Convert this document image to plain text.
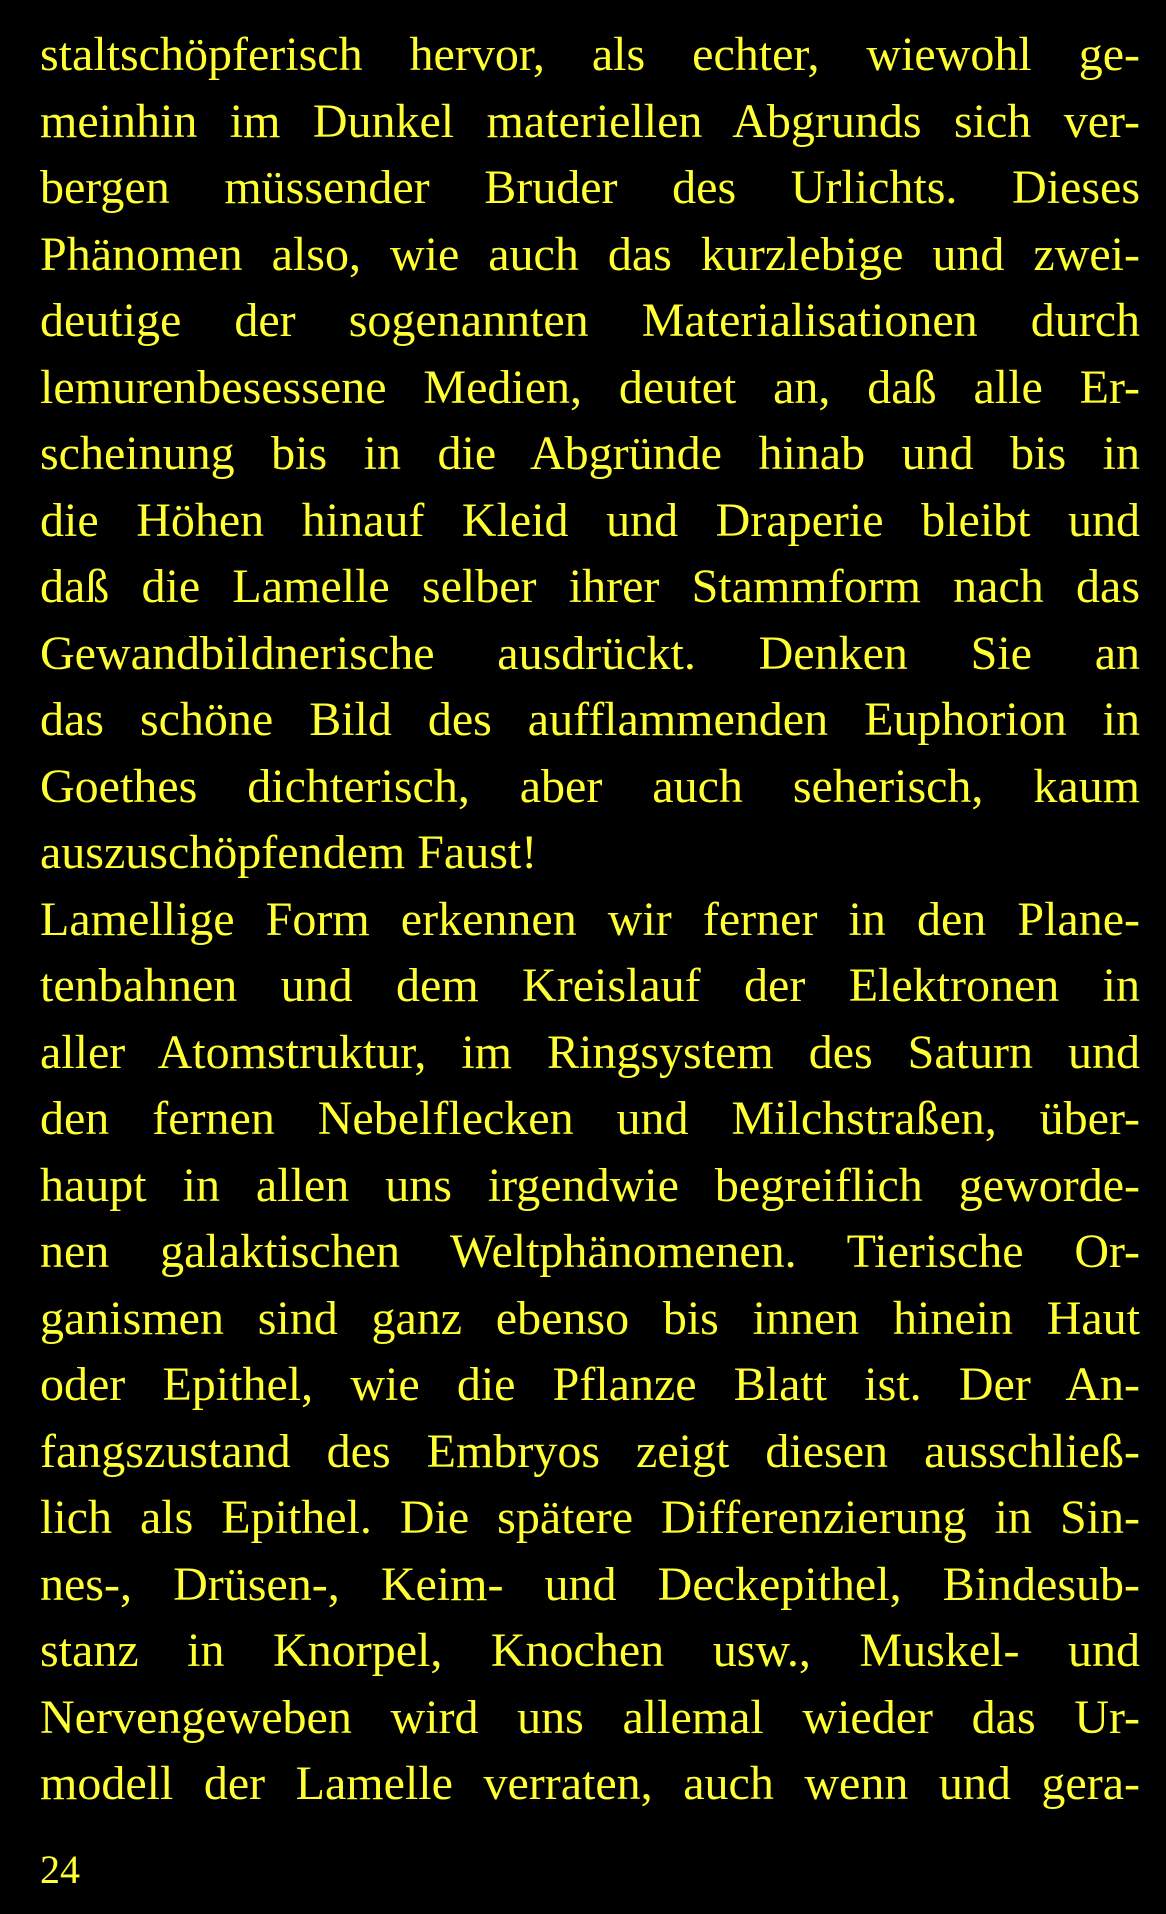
staltschöpferisch hervor, als echter, wiewohl ge-
meinhin im Dunkel materiellen Abgrunds sich ver-
bergen müssender Bruder des Urlichts. Dieses
Phänomen also, wie auch das kurzlebige und zwei-
deutige der sogenannten Materialisationen durch
lemurenbesessene Medien, deutet an, daß alle Er-
scheinung bis in die Abgründe hinab und bis in
die Höhen hinauf Kleid und Draperie bleibt und
daß die Lamelle selber ihrer Stammform nach das
Gewandbildnerische ausdrückt. Denken Sie an
das schöne Bild des aufflammenden Euphorion in
Goethes dichterisch, aber auch seherisch, kaum
auszuschöpfendem Faust!
Lamellige Form erkennen wir ferner in den Plane-
tenbahnen und dem Kreislauf der Elektronen in
aller Atomstruktur, im Ringsystem des Saturn und
den fernen Nebelflecken und Milchstraßen, über-
haupt in allen uns irgendwie begreiflich geworde-
nen galaktischen Weltphänomenen. Tierische Or-
ganismen sind ganz ebenso bis innen hinein Haut
oder Epithel, wie die Pflanze Blatt ist. Der An-
fangszustand des Embryos zeigt diesen ausschließ-
lich als Epithel. Die spätere Differenzierung in Sin-
nes-, Drüsen-, Keim- und Deckepithel, Bindesub-
stanz in Knorpel, Knochen usw., Muskel- und
Nervengeweben wird uns allemal wieder das Ur-
modell der Lamelle verraten, auch wenn und gera-
24
